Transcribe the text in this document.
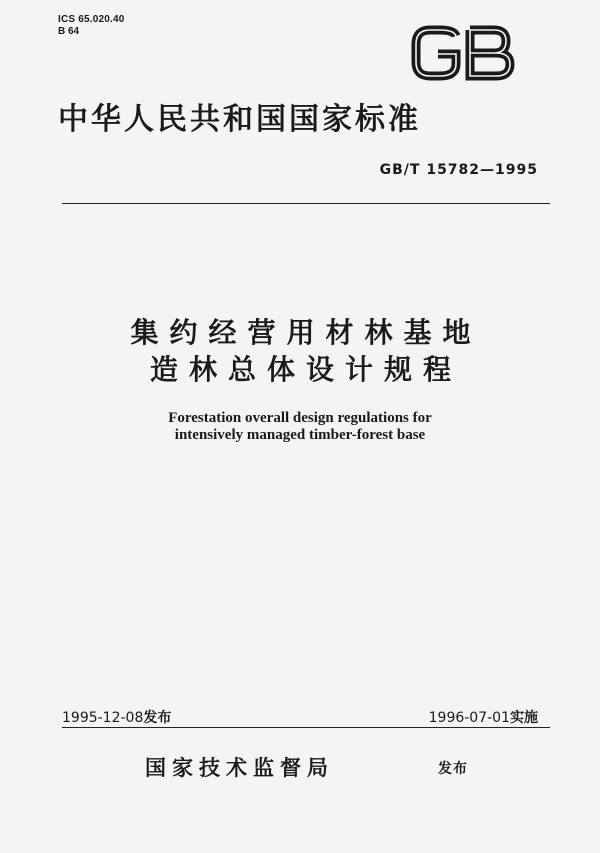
ICS 65.020.40
B 64
中华人民共和国国家标准
GB/T 15782—1995
集约经营用材林基地
造林总体设计规程
Forestation overall design regulations for
intensively managed timber-forest base
1995-12-08发布	1996-07-01实施
国家技术监督局	发布
